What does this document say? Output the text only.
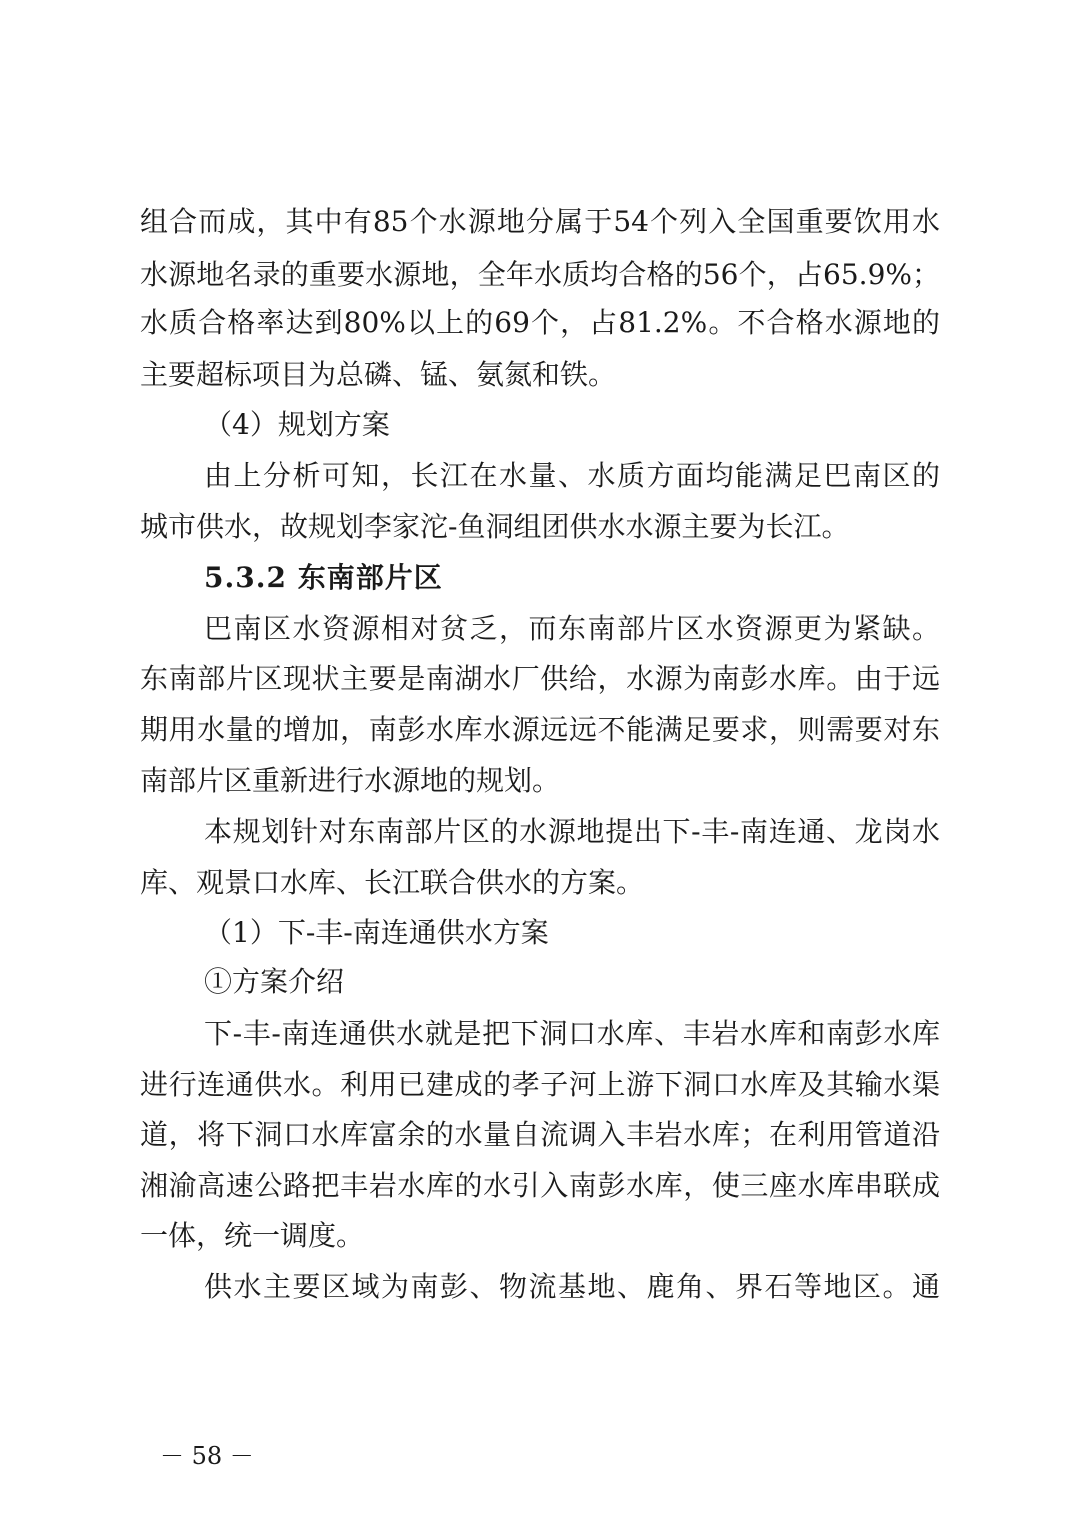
组合而成，其中有85个水源地分属于54个列入全国重要饮用水
水源地名录的重要水源地，全年水质均合格的56个，占65.9%；
水质合格率达到80%以上的69个，占81.2%。不合格水源地的
主要超标项目为总磷、锰、氨氮和铁。
（4）规划方案
由上分析可知，长江在水量、水质方面均能满足巴南区的
城市供水，故规划李家沱-鱼洞组团供水水源主要为长江。
5.3.2 东南部片区
巴南区水资源相对贫乏，而东南部片区水资源更为紧缺。
东南部片区现状主要是南湖水厂供给，水源为南彭水库。由于远
期用水量的增加，南彭水库水源远远不能满足要求，则需要对东
南部片区重新进行水源地的规划。
本规划针对东南部片区的水源地提出下-丰-南连通、龙岗水
库、观景口水库、长江联合供水的方案。
（1）下-丰-南连通供水方案
①方案介绍
下-丰-南连通供水就是把下洞口水库、丰岩水库和南彭水库
进行连通供水。利用已建成的孝子河上游下洞口水库及其输水渠
道，将下洞口水库富余的水量自流调入丰岩水库；在利用管道沿
湘渝高速公路把丰岩水库的水引入南彭水库，使三座水库串联成
一体，统一调度。
供水主要区域为南彭、物流基地、鹿角、界石等地区。通
－ 58 －
